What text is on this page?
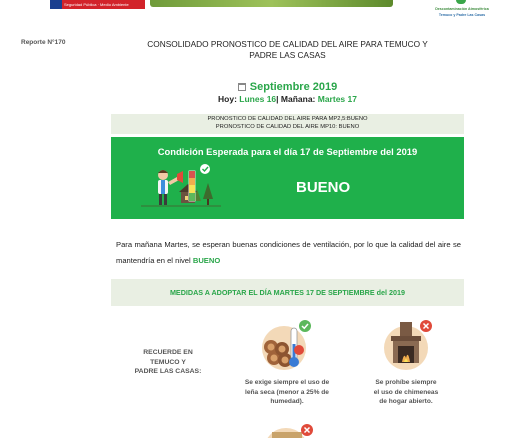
Seguridad Pública · Medio Ambiente
Descontaminación Atmosférica
Temuco y Padre Las Casas
Reporte N°170	CONSOLIDADO PRONOSTICO DE CALIDAD DEL AIRE PARA TEMUCO Y
PADRE LAS CASAS
Septiembre 2019
Hoy: Lunes 16| Mañana: Martes 17
PRONOSTICO DE CALIDAD DEL AIRE PARA MP2,5:BUENO
PRONOSTICO DE CALIDAD DEL AIRE MP10: BUENO
Condición Esperada para el día 17 de Septiembre del 2019
BUENO
Para mañana Martes, se esperan buenas condiciones de ventilación, por lo que la calidad del aire se mantendría en el nivel BUENO
MEDIDAS A ADOPTAR EL DÍA MARTES 17 DE SEPTIEMBRE del 2019
RECUERDE EN
TEMUCO Y
PADRE LAS CASAS:
Se exige siempre el uso de
leña seca (menor a 25% de
humedad).
Se prohíbe siempre
el uso de chimeneas
de hogar abierto.
